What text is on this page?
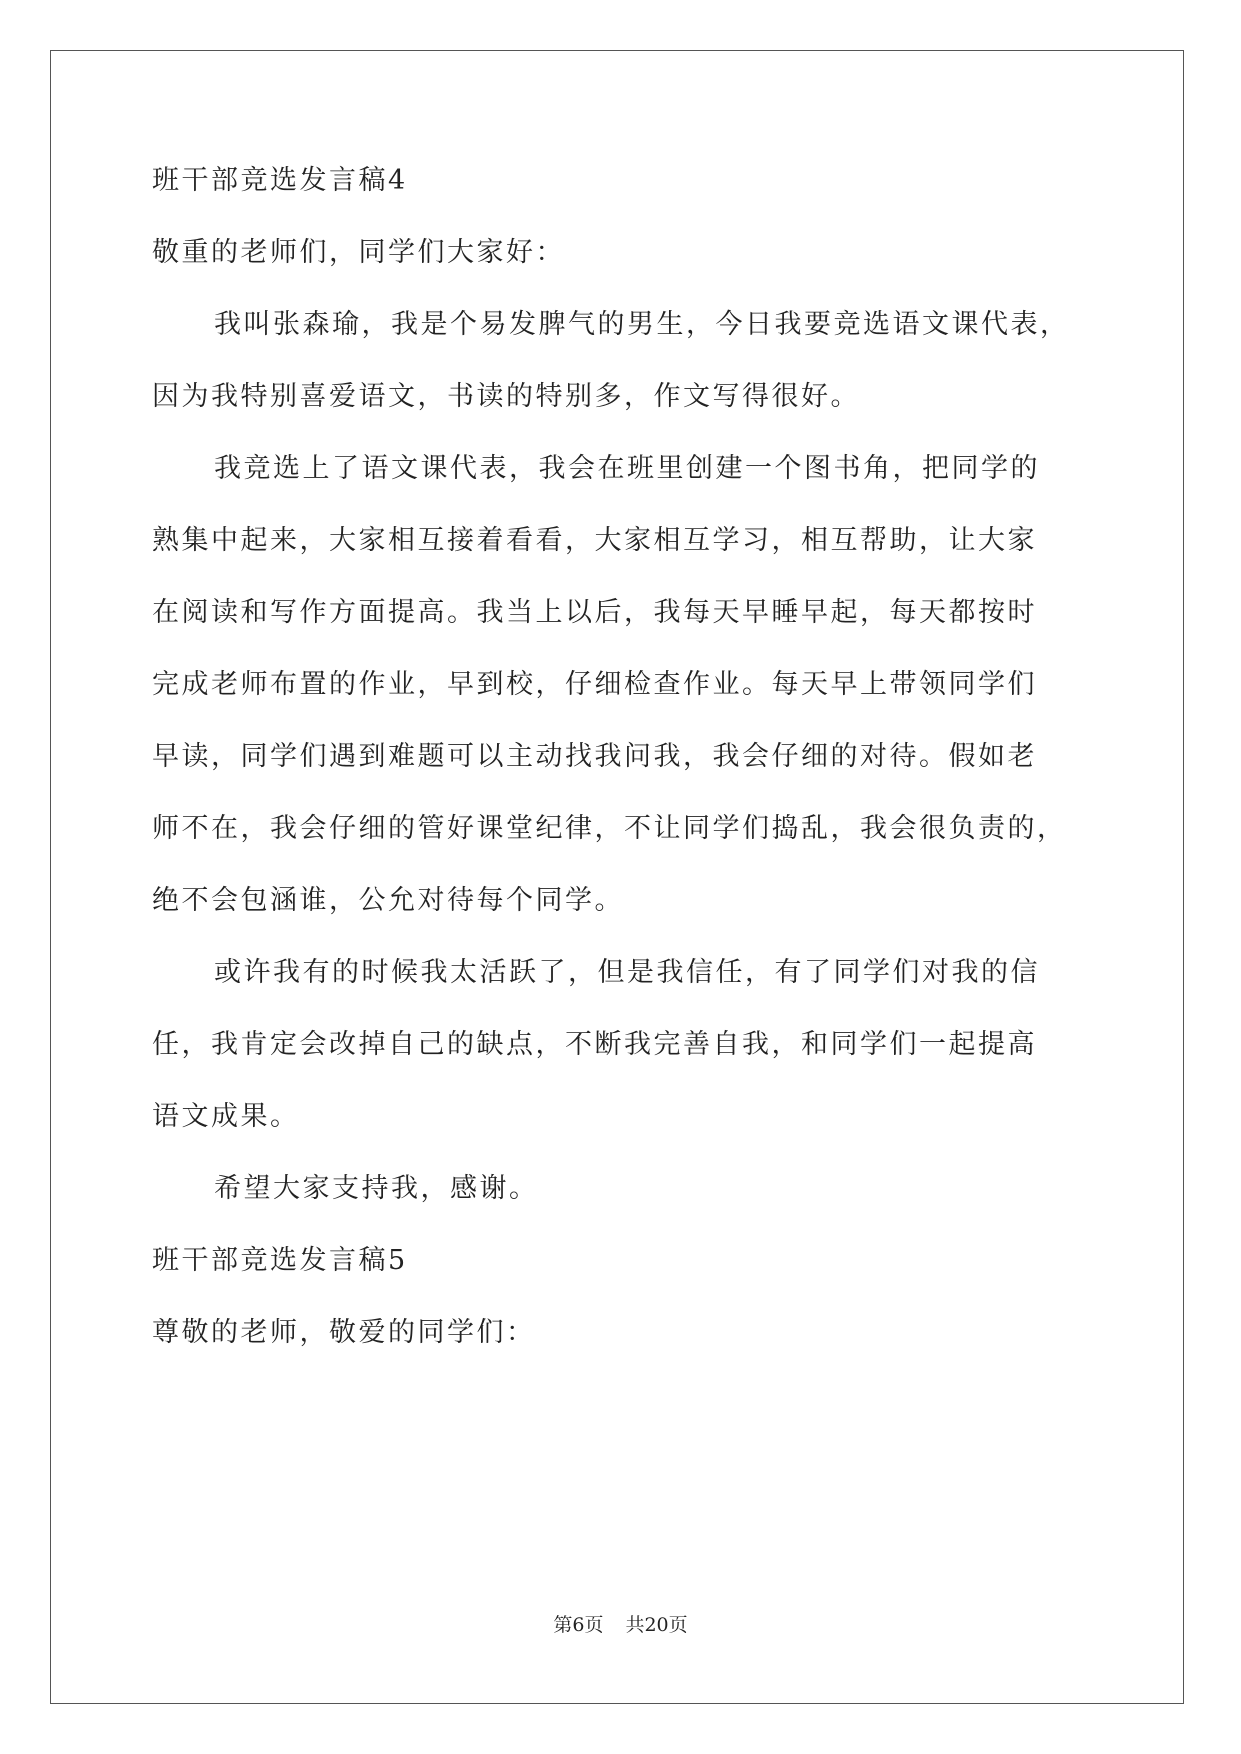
班干部竞选发言稿4
敬重的老师们，同学们大家好：
我叫张森瑜，我是个易发脾气的男生，今日我要竞选语文课代表，
因为我特别喜爱语文，书读的特别多，作文写得很好。
我竞选上了语文课代表，我会在班里创建一个图书角，把同学的
熟集中起来，大家相互接着看看，大家相互学习，相互帮助，让大家
在阅读和写作方面提高。我当上以后，我每天早睡早起，每天都按时
完成老师布置的作业，早到校，仔细检查作业。每天早上带领同学们
早读，同学们遇到难题可以主动找我问我，我会仔细的对待。假如老
师不在，我会仔细的管好课堂纪律，不让同学们捣乱，我会很负责的，
绝不会包涵谁，公允对待每个同学。
或许我有的时候我太活跃了，但是我信任，有了同学们对我的信
任，我肯定会改掉自己的缺点，不断我完善自我，和同学们一起提高
语文成果。
希望大家支持我，感谢。
班干部竞选发言稿5
尊敬的老师，敬爱的同学们：
第6页 共20页
